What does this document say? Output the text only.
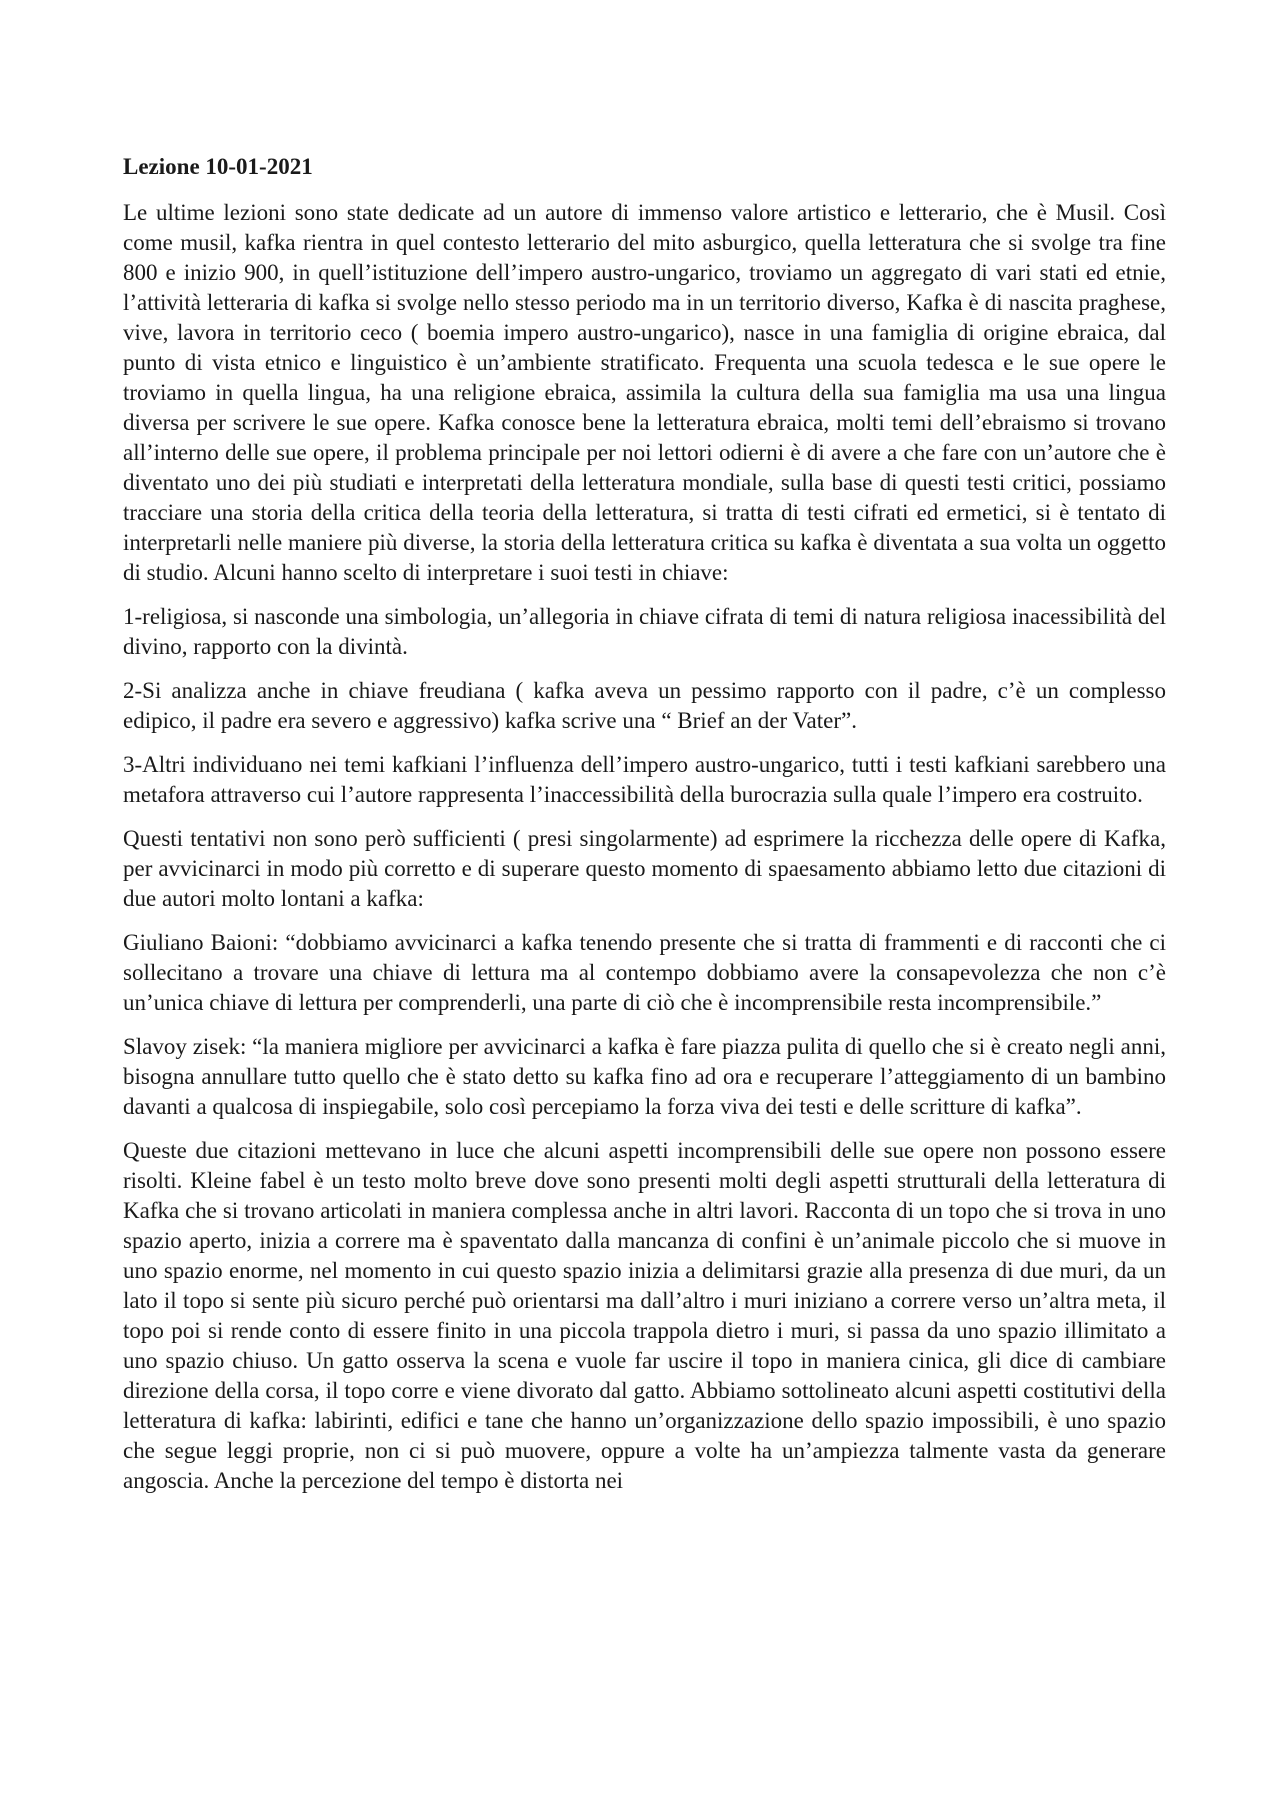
Lezione 10-01-2021

Le ultime lezioni sono state dedicate ad un autore di immenso valore artistico e letterario, che è Musil. Così come musil, kafka rientra in quel contesto letterario del mito asburgico, quella letteratura che si svolge tra fine 800 e inizio 900, in quell’istituzione dell’impero austro-ungarico, troviamo un aggregato di vari stati ed etnie, l’attività letteraria di kafka si svolge nello stesso periodo ma in un territorio diverso, Kafka è di nascita praghese, vive, lavora in territorio ceco ( boemia impero austro-ungarico), nasce in una famiglia di origine ebraica, dal punto di vista etnico e linguistico è un’ambiente stratificato. Frequenta una scuola tedesca e le sue opere le troviamo in quella lingua, ha una religione ebraica, assimila la cultura della sua famiglia ma usa una lingua diversa per scrivere le sue opere. Kafka conosce bene la letteratura ebraica, molti temi dell’ebraismo si trovano all’interno delle sue opere, il problema principale per noi lettori odierni è di avere a che fare con un’autore che è diventato uno dei più studiati e interpretati della letteratura mondiale, sulla base di questi testi critici, possiamo tracciare una storia della critica della teoria della letteratura, si tratta di testi cifrati ed ermetici, si è tentato di interpretarli nelle maniere più diverse, la storia della letteratura critica su kafka è diventata a sua volta un oggetto di studio. Alcuni hanno scelto di interpretare i suoi testi in chiave:

1-religiosa, si nasconde una simbologia, un’allegoria in chiave cifrata di temi di natura religiosa inacessibilità del divino, rapporto con la divintà.

2-Si analizza anche in chiave freudiana ( kafka aveva un pessimo rapporto con il padre, c’è un complesso edipico, il padre era severo e aggressivo) kafka scrive una “ Brief an der Vater”.

3-Altri individuano nei temi kafkiani l’influenza dell’impero austro-ungarico, tutti i testi kafkiani sarebbero una metafora attraverso cui l’autore rappresenta l’inaccessibilità della burocrazia sulla quale l’impero era costruito.

Questi tentativi non sono però sufficienti ( presi singolarmente) ad esprimere la ricchezza delle opere di Kafka, per avvicinarci in modo più corretto e di superare questo momento di spaesamento abbiamo letto due citazioni di due autori molto lontani a kafka:

Giuliano Baioni: “dobbiamo avvicinarci a kafka tenendo presente che si tratta di frammenti e di racconti che ci sollecitano a trovare una chiave di lettura ma al contempo dobbiamo avere la consapevolezza che non c’è un’unica chiave di lettura per comprenderli, una parte di ciò che è incomprensibile resta incomprensibile.”

Slavoy zisek: “la maniera migliore per avvicinarci a kafka è fare piazza pulita di quello che si è creato negli anni, bisogna annullare tutto quello che è stato detto su kafka fino ad ora e recuperare l’atteggiamento di un bambino davanti a qualcosa di inspiegabile, solo così percepiamo la forza viva dei testi e delle scritture di kafka”.

Queste due citazioni mettevano in luce che alcuni aspetti incomprensibili delle sue opere non possono essere risolti. Kleine fabel è un testo molto breve dove sono presenti molti degli aspetti strutturali della letteratura di Kafka che si trovano articolati in maniera complessa anche in altri lavori. Racconta di un topo che si trova in uno spazio aperto, inizia a correre ma è spaventato dalla mancanza di confini è un’animale piccolo che si muove in uno spazio enorme, nel momento in cui questo spazio inizia a delimitarsi grazie alla presenza di due muri, da un lato il topo si sente più sicuro perché può orientarsi ma dall’altro i muri iniziano a correre verso un’altra meta, il topo poi si rende conto di essere finito in una piccola trappola dietro i muri, si passa da uno spazio illimitato a uno spazio chiuso. Un gatto osserva la scena e vuole far uscire il topo in maniera cinica, gli dice di cambiare direzione della corsa, il topo corre e viene divorato dal gatto. Abbiamo sottolineato alcuni aspetti costitutivi della letteratura di kafka: labirinti, edifici e tane che hanno un’organizzazione dello spazio impossibili, è uno spazio che segue leggi proprie, non ci si può muovere, oppure a volte ha un’ampiezza talmente vasta da generare angoscia. Anche la percezione del tempo è distorta nei
